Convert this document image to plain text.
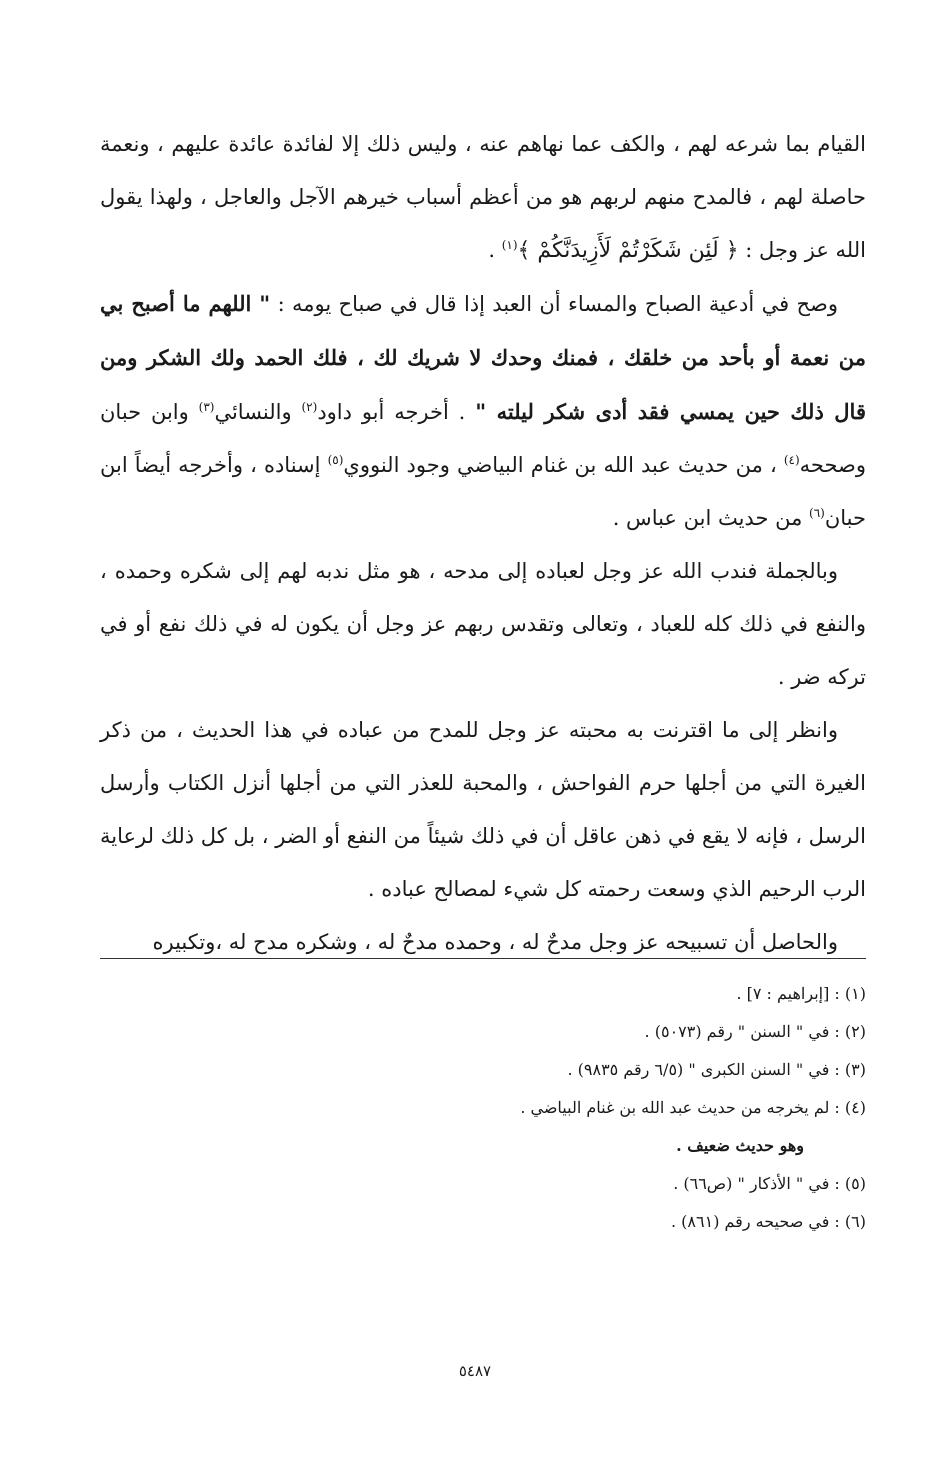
القيام بما شرعه لهم ، والكف عما نهاهم عنه ، وليس ذلك إلا لفائدة عائدة عليهم ، ونعمة حاصلة لهم ، فالمدح منهم لربهم هو من أعظم أسباب خيرهم الآجل والعاجل ، ولهذا يقول الله عز وجل : ﴿ لَئِن شَكَرْتُمْ لَأَزِيدَنَّكُمْ ﴾$^{(١)}$ .

وصح في أدعية الصباح والمساء أن العبد إذا قال في صباح يومه : " اللهم ما أصبح بي من نعمة أو بأحد من خلقك ، فمنك وحدك لا شريك لك ، فلك الحمد ولك الشكر ومن قال ذلك حين يمسي فقد أدى شكر ليلته " . أخرجه أبو داود$^{(٢)}$ والنسائي$^{(٣)}$ وابن حبان وصححه$^{(٤)}$ ، من حديث عبد الله بن غنام البياضي وجود النووي$^{(٥)}$ إسناده ، وأخرجه أيضاً ابن حبان$^{(٦)}$ من حديث ابن عباس .

وبالجملة فندب الله عز وجل لعباده إلى مدحه ، هو مثل ندبه لهم إلى شكره وحمده ، والنفع في ذلك كله للعباد ، وتعالى وتقدس ربهم عز وجل أن يكون له في ذلك نفع أو في تركه ضر .

وانظر إلى ما اقترنت به محبته عز وجل للمدح من عباده في هذا الحديث ، من ذكر الغيرة التي من أجلها حرم الفواحش ، والمحبة للعذر التي من أجلها أنزل الكتاب وأرسل الرسل ، فإنه لا يقع في ذهن عاقل أن في ذلك شيئاً من النفع أو الضر ، بل كل ذلك لرعاية الرب الرحيم الذي وسعت رحمته كل شيء لمصالح عباده .

والحاصل أن تسبيحه عز وجل مدحٌ له ، وحمده مدحٌ له ، وشكره مدح له ،وتكبيره

(١) : [إبراهيم : ٧] .

(٢) : في " السنن " رقم (٥٠٧٣) .

(٣) : في " السنن الكبرى " (٦/٥ رقم ٩٨٣٥) .

(٤) : لم يخرجه من حديث عبد الله بن غنام البياضي .

وهو حديث ضعيف .

(٥) : في " الأذكار " (ص٦٦) .

(٦) : في صحيحه رقم (٨٦١) .

٥٤٨٧
